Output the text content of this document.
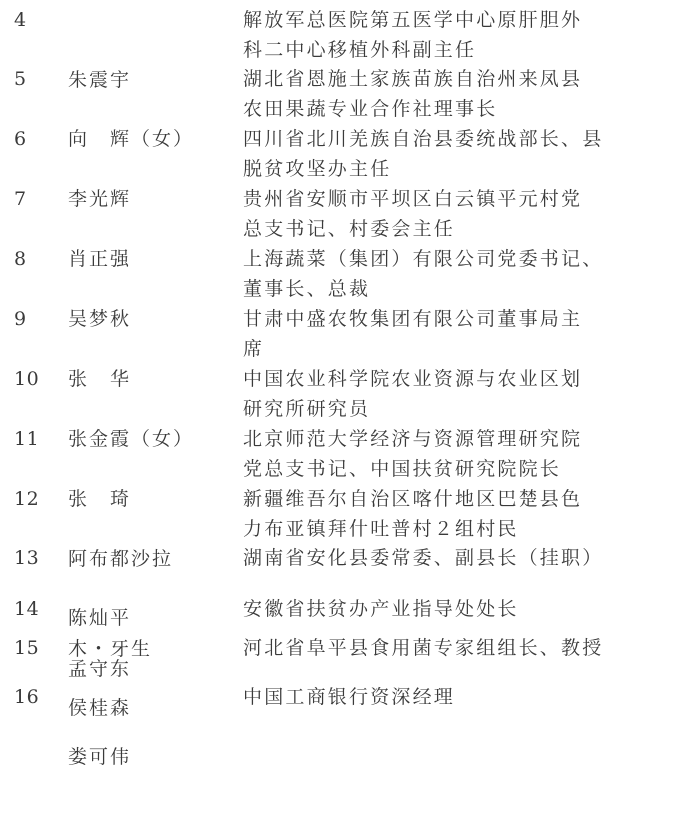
4

朱震宇

解放军总医院第五医学中心原肝胆外
科二中心移植外科副主任
5

向　辉（女）

湖北省恩施土家族苗族自治州来凤县
农田果蔬专业合作社理事长
6

李光辉

四川省北川羌族自治县委统战部长、县
脱贫攻坚办主任
7

肖正强

贵州省安顺市平坝区白云镇平元村党
总支书记、村委会主任
8

吴梦秋

上海蔬菜（集团）有限公司党委书记、
董事长、总裁
9

张　华

甘肃中盛农牧集团有限公司董事局主
席
10

张金霞（女）

中国农业科学院农业资源与农业区划
研究所研究员
11

张　琦

北京师范大学经济与资源管理研究院
党总支书记、中国扶贫研究院院长
12

阿布都沙拉

木・牙生

新疆维吾尔自治区喀什地区巴楚县色
力布亚镇拜什吐普村２组村民
13

陈灿平

湖南省安化县委常委、副县长（挂职）
14

孟守东

安徽省扶贫办产业指导处处长
15

侯桂森

河北省阜平县食用菌专家组组长、教授
16

娄可伟

中国工商银行资深经理
